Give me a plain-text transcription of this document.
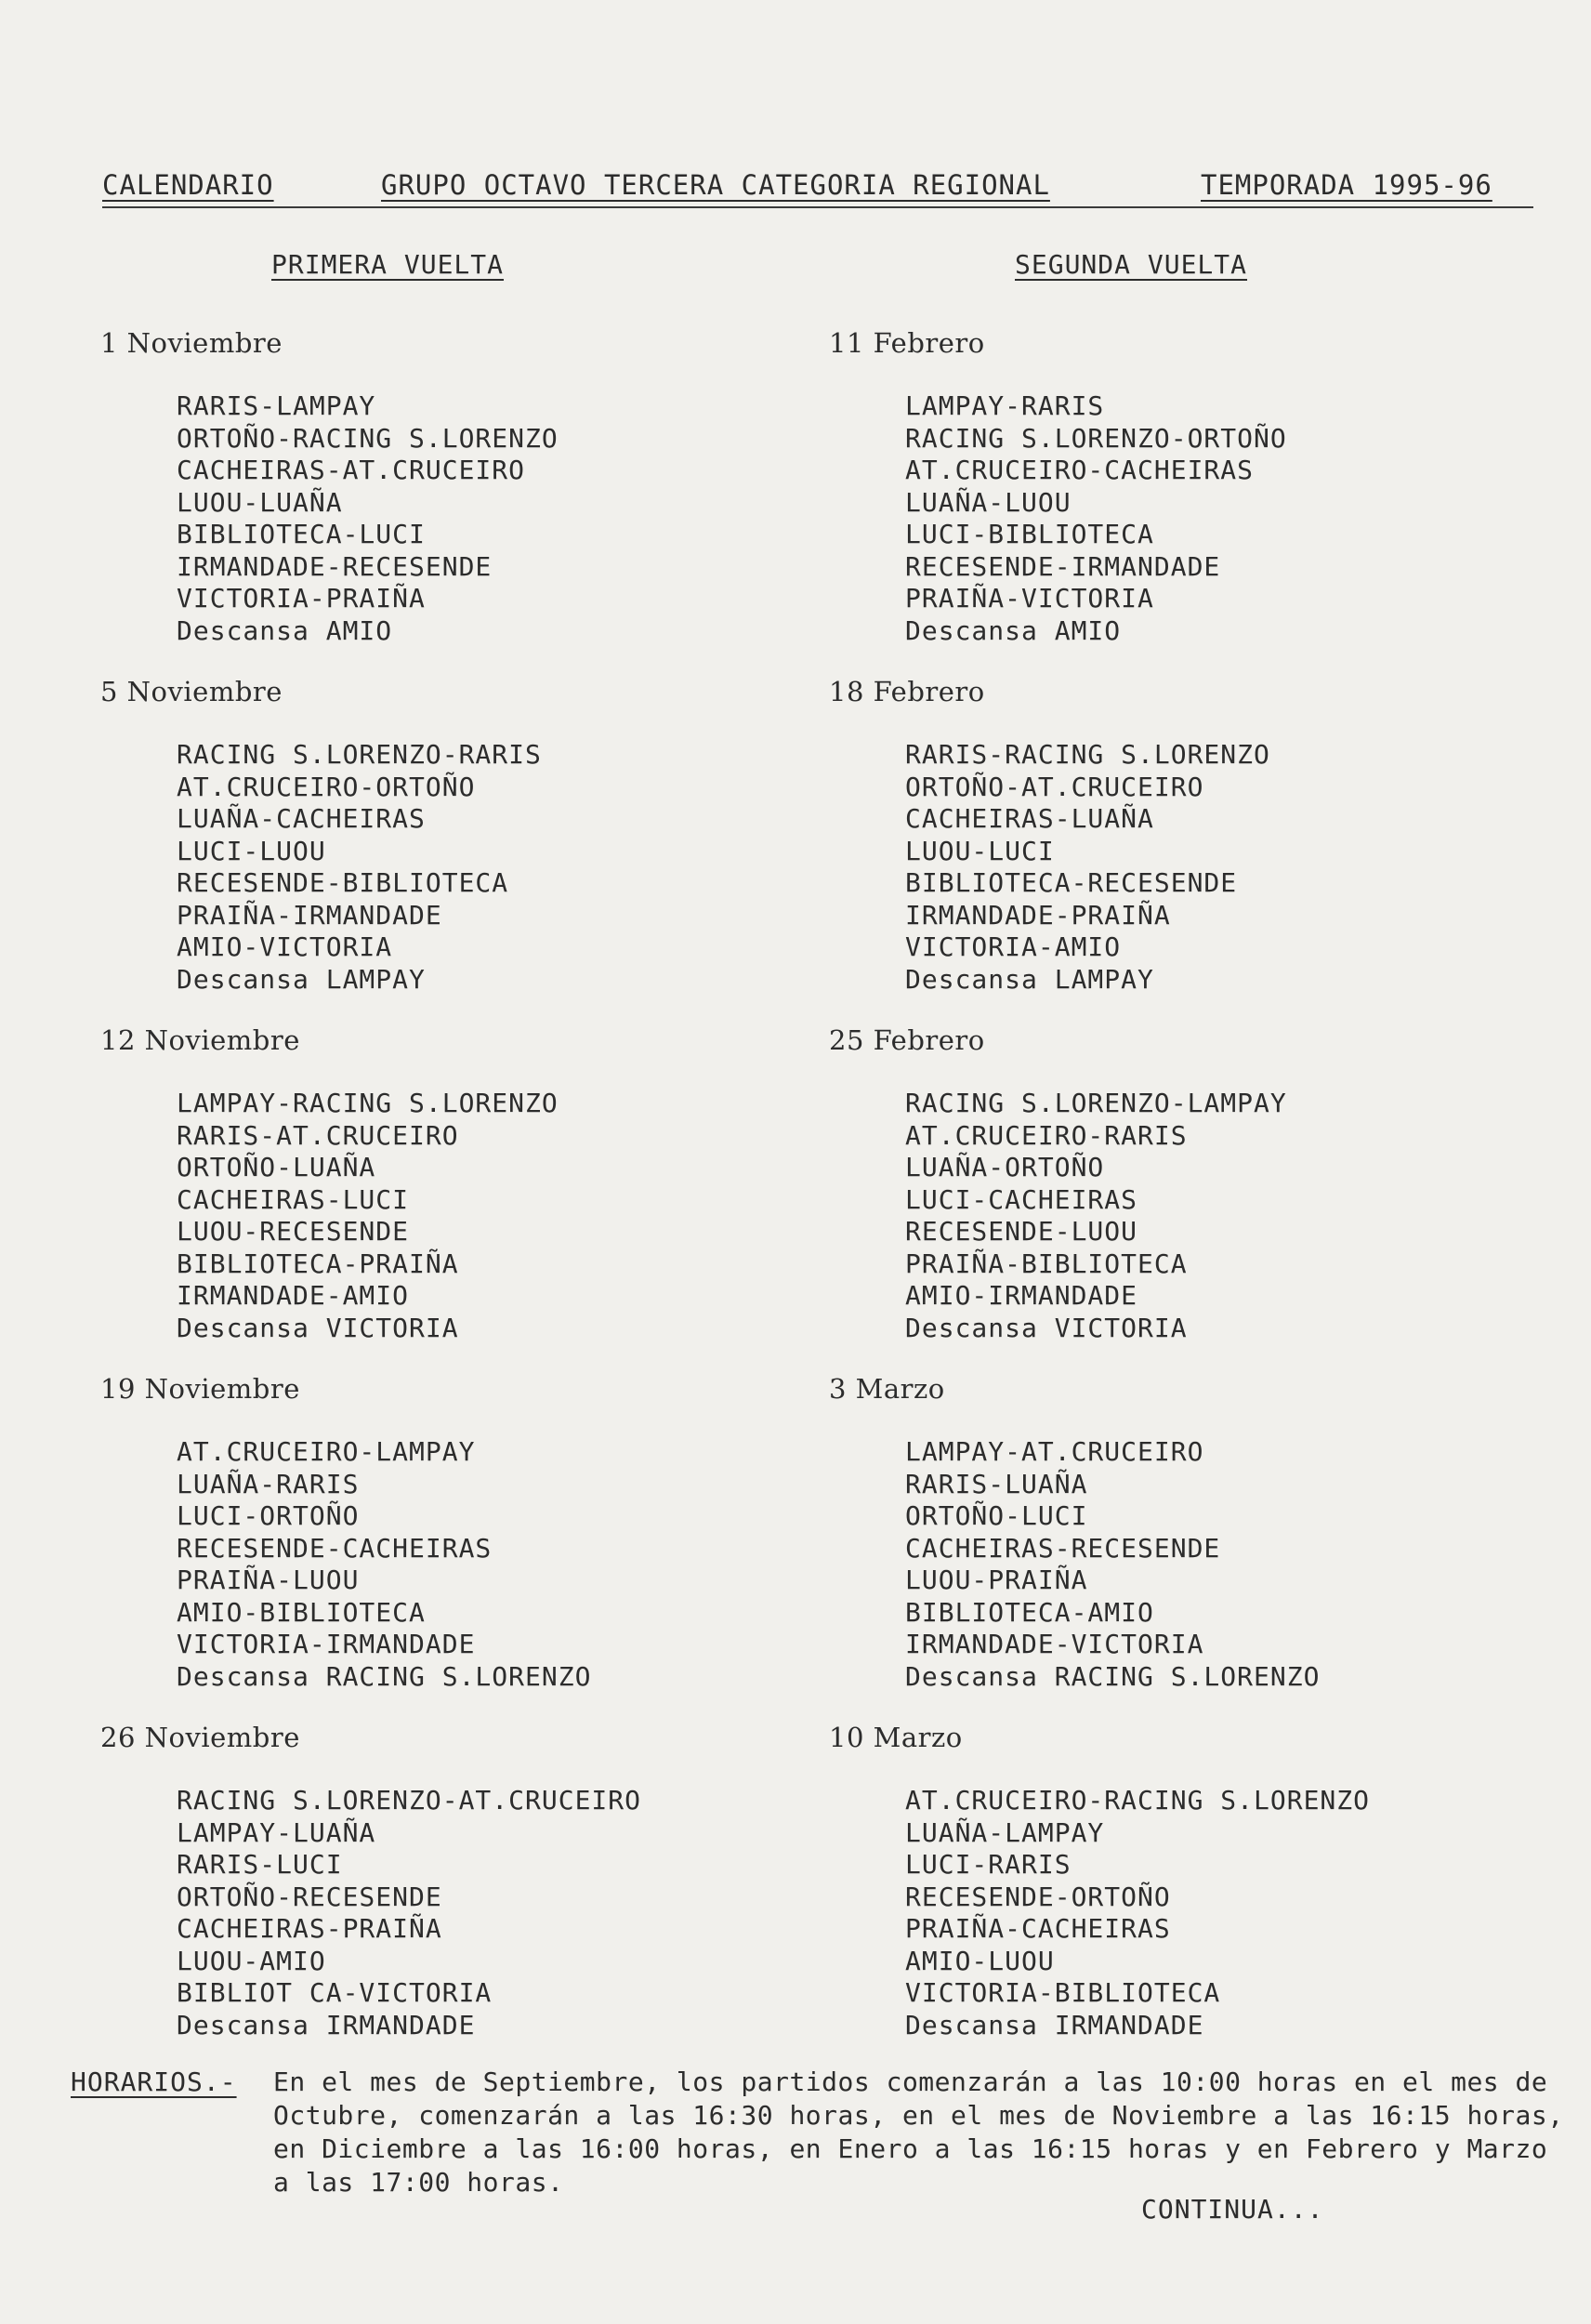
CALENDARIO	GRUPO OCTAVO TERCERA CATEGORIA REGIONAL	TEMPORADA 1995-96
PRIMERA VUELTA	SEGUNDA VUELTA

1 Noviembre

RARIS-LAMPAY
ORTOÑO-RACING S.LORENZO
CACHEIRAS-AT.CRUCEIRO
LUOU-LUAÑA
BIBLIOTECA-LUCI
IRMANDADE-RECESENDE
VICTORIA-PRAIÑA
Descansa AMIO

5 Noviembre

RACING S.LORENZO-RARIS
AT.CRUCEIRO-ORTOÑO
LUAÑA-CACHEIRAS
LUCI-LUOU
RECESENDE-BIBLIOTECA
PRAIÑA-IRMANDADE
AMIO-VICTORIA
Descansa LAMPAY

12 Noviembre

LAMPAY-RACING S.LORENZO
RARIS-AT.CRUCEIRO
ORTOÑO-LUAÑA
CACHEIRAS-LUCI
LUOU-RECESENDE
BIBLIOTECA-PRAIÑA
IRMANDADE-AMIO
Descansa VICTORIA

19 Noviembre

AT.CRUCEIRO-LAMPAY
LUAÑA-RARIS
LUCI-ORTOÑO
RECESENDE-CACHEIRAS
PRAIÑA-LUOU
AMIO-BIBLIOTECA
VICTORIA-IRMANDADE
Descansa RACING S.LORENZO

26 Noviembre

RACING S.LORENZO-AT.CRUCEIRO
LAMPAY-LUAÑA
RARIS-LUCI
ORTOÑO-RECESENDE
CACHEIRAS-PRAIÑA
LUOU-AMIO
BIBLIOT CA-VICTORIA
Descansa IRMANDADE

11 Febrero

LAMPAY-RARIS
RACING S.LORENZO-ORTOÑO
AT.CRUCEIRO-CACHEIRAS
LUAÑA-LUOU
LUCI-BIBLIOTECA
RECESENDE-IRMANDADE
PRAIÑA-VICTORIA
Descansa AMIO

18 Febrero

RARIS-RACING S.LORENZO
ORTOÑO-AT.CRUCEIRO
CACHEIRAS-LUAÑA
LUOU-LUCI
BIBLIOTECA-RECESENDE
IRMANDADE-PRAIÑA
VICTORIA-AMIO
Descansa LAMPAY

25 Febrero

RACING S.LORENZO-LAMPAY
AT.CRUCEIRO-RARIS
LUAÑA-ORTOÑO
LUCI-CACHEIRAS
RECESENDE-LUOU
PRAIÑA-BIBLIOTECA
AMIO-IRMANDADE
Descansa VICTORIA

3 Marzo

LAMPAY-AT.CRUCEIRO
RARIS-LUAÑA
ORTOÑO-LUCI
CACHEIRAS-RECESENDE
LUOU-PRAIÑA
BIBLIOTECA-AMIO
IRMANDADE-VICTORIA
Descansa RACING S.LORENZO

10 Marzo

AT.CRUCEIRO-RACING S.LORENZO
LUAÑA-LAMPAY
LUCI-RARIS
RECESENDE-ORTOÑO
PRAIÑA-CACHEIRAS
AMIO-LUOU
VICTORIA-BIBLIOTECA
Descansa IRMANDADE
HORARIOS.- En el mes de Septiembre, los partidos comenzarán a las 10:00 horas en el mes de Octubre, comenzarán a las 16:30 horas, en el mes de Noviembre a las 16:15 horas, en Diciembre a las 16:00 horas, en Enero a las 16:15 horas y en Febrero y Marzo a las 17:00 horas.
CONTINUA...
